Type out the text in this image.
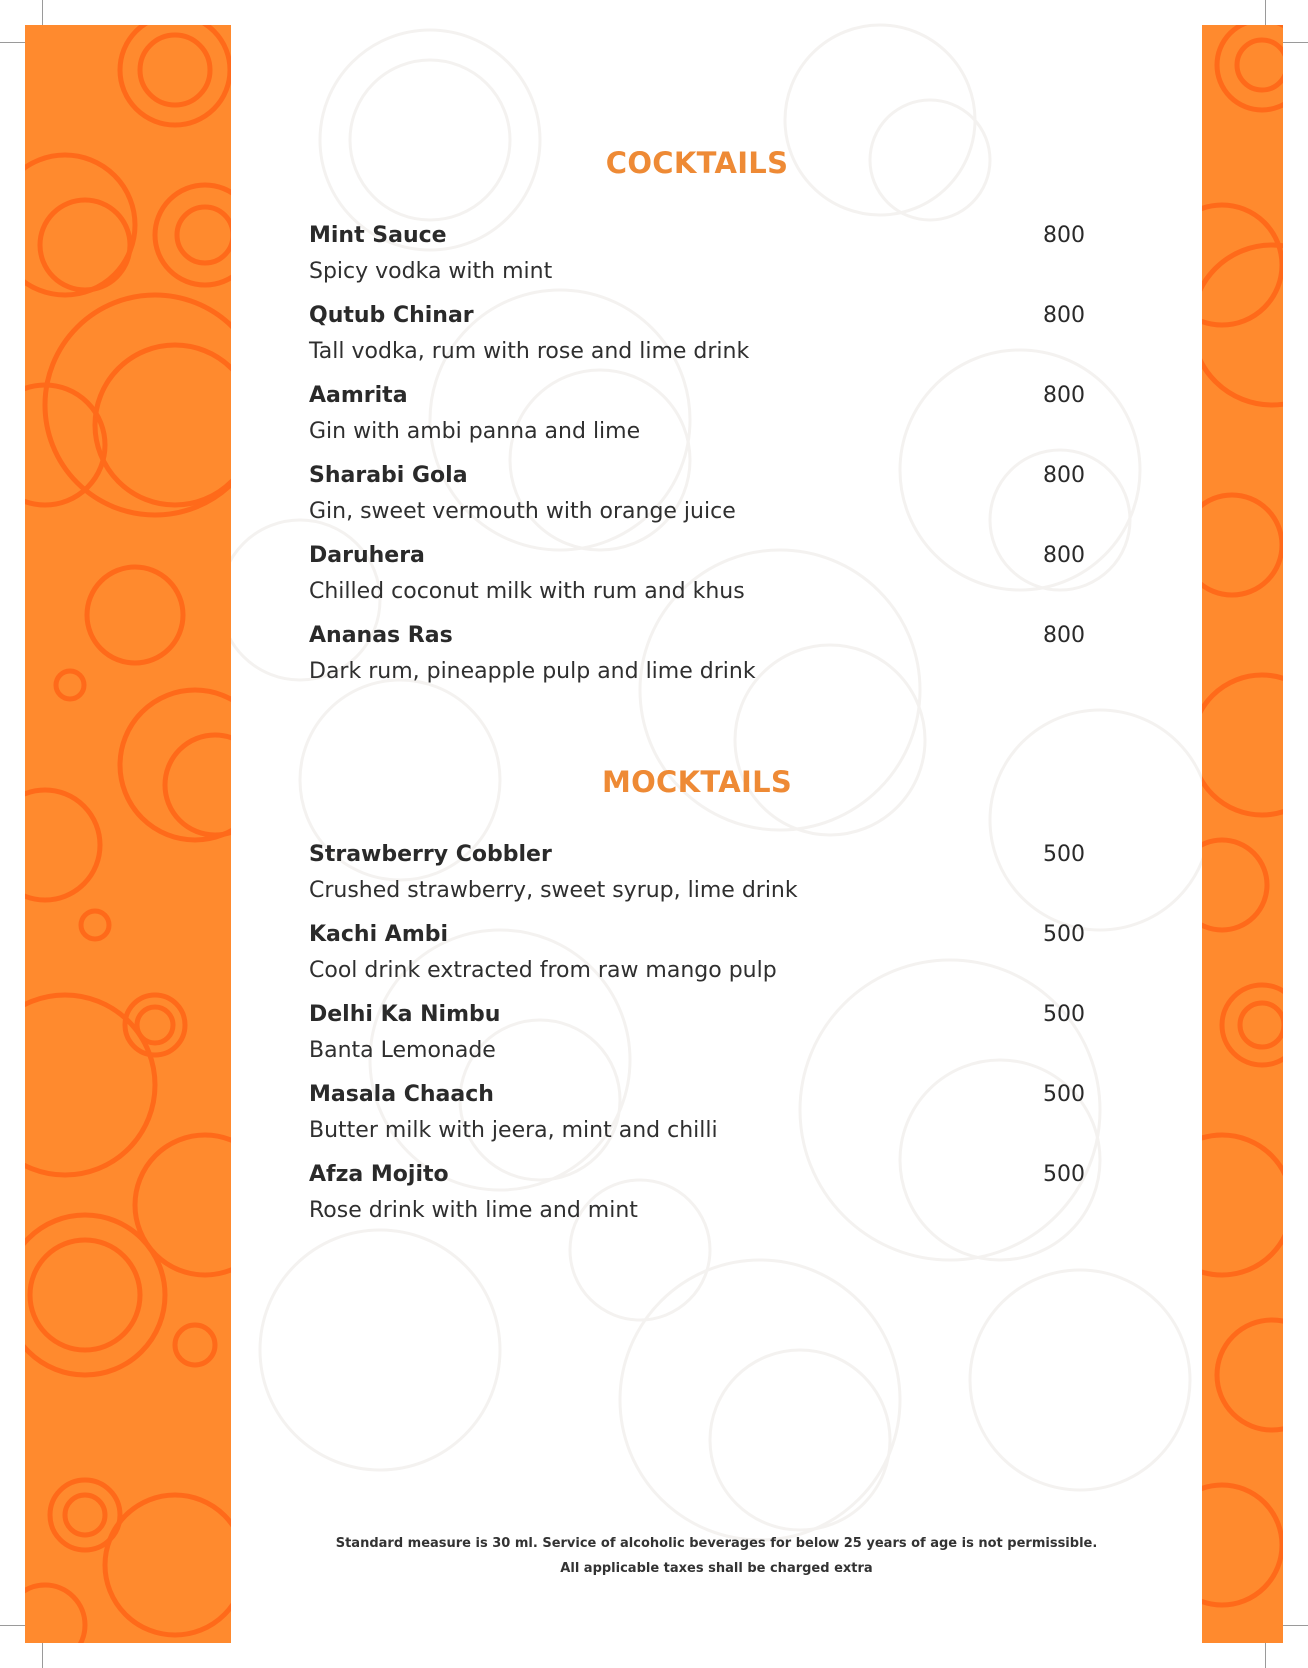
COCKTAILS
Mint Sauce	800
Spicy vodka with mint
Qutub Chinar	800
Tall vodka, rum with rose and lime drink
Aamrita	800
Gin with ambi panna and lime
Sharabi Gola	800
Gin, sweet vermouth with orange juice
Daruhera	800
Chilled coconut milk with rum and khus
Ananas Ras	800
Dark rum, pineapple pulp and lime drink
MOCKTAILS
Strawberry Cobbler	500
Crushed strawberry, sweet syrup, lime drink
Kachi Ambi	500
Cool drink extracted from raw mango pulp
Delhi Ka Nimbu	500
Banta Lemonade
Masala Chaach	500
Butter milk with jeera, mint and chilli
Afza Mojito	500
Rose drink with lime and mint
Standard measure is 30 ml. Service of alcoholic beverages for below 25 years of age is not permissible.
All applicable taxes shall be charged extra
